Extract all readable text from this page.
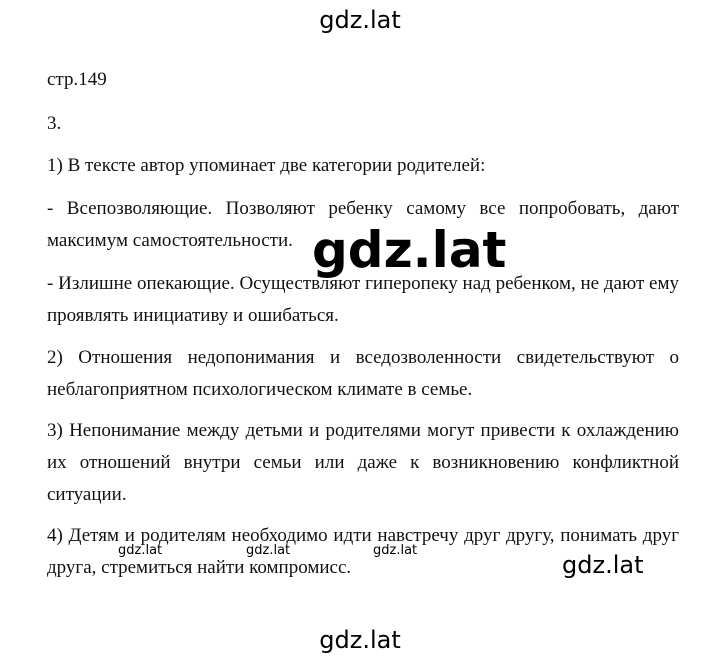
gdz.lat

стр.149

3.

1) В тексте автор упоминает две категории родителей:

- Всепозволяющие. Позволяют ребенку самому все попробовать, дают максимум самостоятельности.

- Излишне опекающие. Осуществляют гиперопеку над ребенком, не дают ему проявлять инициативу и ошибаться.

2) Отношения недопонимания и вседозволенности свидетельствуют о неблагоприятном психологическом климате в семье.

3) Непонимание между детьми и родителями могут привести к охлаждению их отношений внутри семьи или даже к возникновению конфликтной ситуации.

4) Детям и родителям необходимо идти навстречу друг другу, понимать друг друга, стремиться найти компромисс.

gdz.lat
gdz.lat	gdz.lat	gdz.lat
gdz.lat
gdz.lat
